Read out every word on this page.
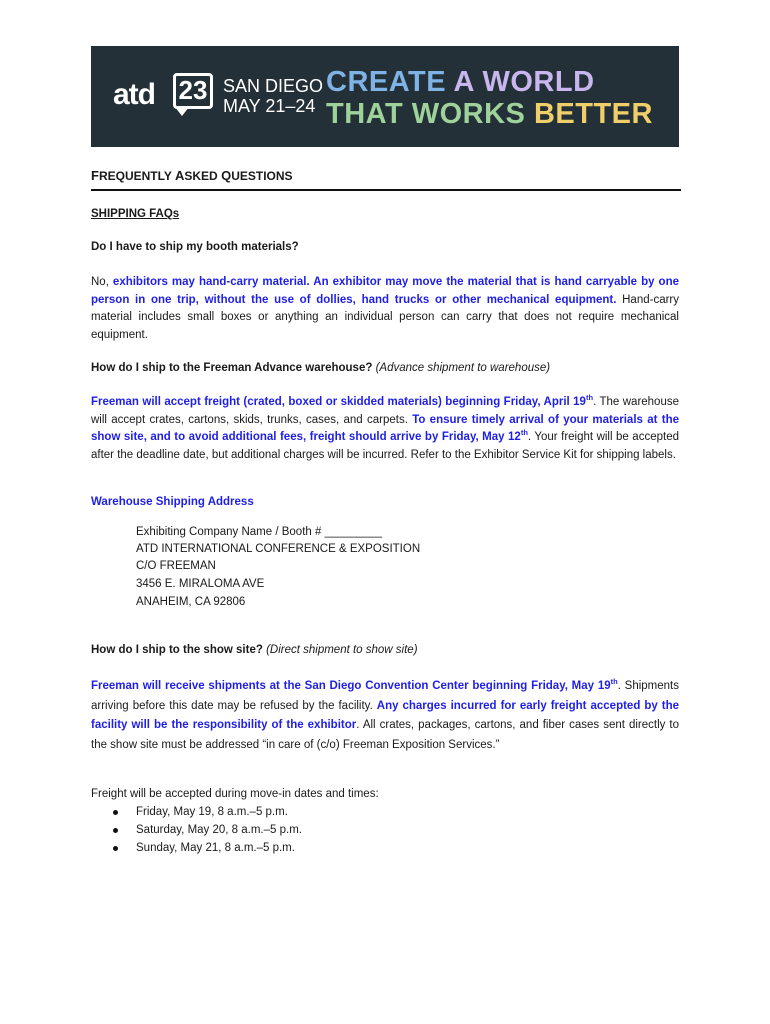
atd 23 SAN DIEGO
MAY 21–24
CREATE A WORLD
THAT WORKS BETTER
FREQUENTLY ASKED QUESTIONS

SHIPPING FAQs

Do I have to ship my booth materials?

No, exhibitors may hand-carry material. An exhibitor may move the material that is hand carryable by one person in one trip, without the use of dollies, hand trucks or other mechanical equipment. Hand-carry material includes small boxes or anything an individual person can carry that does not require mechanical equipment.

How do I ship to the Freeman Advance warehouse? (Advance shipment to warehouse)

Freeman will accept freight (crated, boxed or skidded materials) beginning Friday, April 19th. The warehouse will accept crates, cartons, skids, trunks, cases, and carpets. To ensure timely arrival of your materials at the show site, and to avoid additional fees, freight should arrive by Friday, May 12th. Your freight will be accepted after the deadline date, but additional charges will be incurred. Refer to the Exhibitor Service Kit for shipping labels.

Warehouse Shipping Address

Exhibiting Company Name / Booth # _________
ATD INTERNATIONAL CONFERENCE & EXPOSITION
C/O FREEMAN
3456 E. MIRALOMA AVE
ANAHEIM, CA 92806

How do I ship to the show site? (Direct shipment to show site)

Freeman will receive shipments at the San Diego Convention Center beginning Friday, May 19th. Shipments arriving before this date may be refused by the facility. Any charges incurred for early freight accepted by the facility will be the responsibility of the exhibitor. All crates, packages, cartons, and fiber cases sent directly to the show site must be addressed “in care of (c/o) Freeman Exposition Services.”

Freight will be accepted during move-in dates and times:

Friday, May 19, 8 a.m.–5 p.m.
Saturday, May 20, 8 a.m.–5 p.m.
Sunday, May 21, 8 a.m.–5 p.m.
